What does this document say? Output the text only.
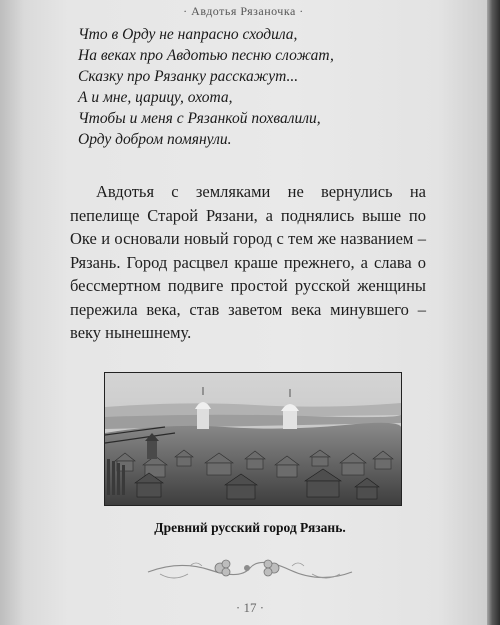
· Авдотья Рязаночка ·
Что в Орду не напрасно сходила,
На веках про Авдотью песню сложат,
Сказку про Рязанку расскажут...
А и мне, царицу, охота,
Чтобы и меня с Рязанкой похвалили,
Орду добром помянули.

Авдотья с земляками не вернулись на пепелище Старой Рязани, а поднялись выше по Оке и основали новый город с тем же названием – Рязань. Город расцвел краше прежнего, а слава о бессмертном подвиге простой русской женщины пережила века, став заветом века минувшего – веку нынешнему.

Древний русский город Рязань.
· 17 ·
